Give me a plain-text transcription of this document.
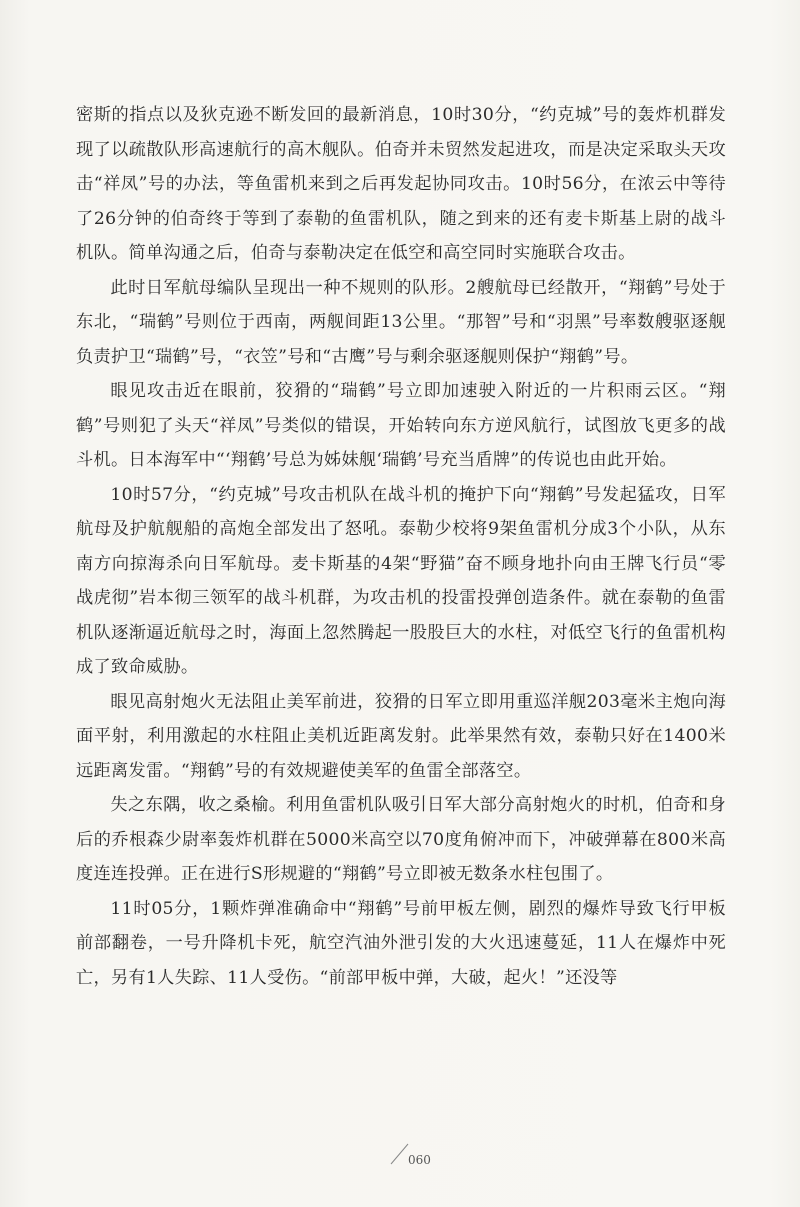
密斯的指点以及狄克逊不断发回的最新消息，10时30分，“约克城”号的轰炸机群发现了以疏散队形高速航行的高木舰队。伯奇并未贸然发起进攻，而是决定采取头天攻击“祥凤”号的办法，等鱼雷机来到之后再发起协同攻击。10时56分，在浓云中等待了26分钟的伯奇终于等到了泰勒的鱼雷机队，随之到来的还有麦卡斯基上尉的战斗机队。简单沟通之后，伯奇与泰勒决定在低空和高空同时实施联合攻击。

此时日军航母编队呈现出一种不规则的队形。2艘航母已经散开，“翔鹤”号处于东北，“瑞鹤”号则位于西南，两舰间距13公里。“那智”号和“羽黑”号率数艘驱逐舰负责护卫“瑞鹤”号，“衣笠”号和“古鹰”号与剩余驱逐舰则保护“翔鹤”号。

眼见攻击近在眼前，狡猾的“瑞鹤”号立即加速驶入附近的一片积雨云区。“翔鹤”号则犯了头天“祥凤”号类似的错误，开始转向东方逆风航行，试图放飞更多的战斗机。日本海军中“‘翔鹤’号总为姊妹舰‘瑞鹤’号充当盾牌”的传说也由此开始。

10时57分，“约克城”号攻击机队在战斗机的掩护下向“翔鹤”号发起猛攻，日军航母及护航舰船的高炮全部发出了怒吼。泰勒少校将9架鱼雷机分成3个小队，从东南方向掠海杀向日军航母。麦卡斯基的4架“野猫”奋不顾身地扑向由王牌飞行员“零战虎彻”岩本彻三领军的战斗机群，为攻击机的投雷投弹创造条件。就在泰勒的鱼雷机队逐渐逼近航母之时，海面上忽然腾起一股股巨大的水柱，对低空飞行的鱼雷机构成了致命威胁。

眼见高射炮火无法阻止美军前进，狡猾的日军立即用重巡洋舰203毫米主炮向海面平射，利用激起的水柱阻止美机近距离发射。此举果然有效，泰勒只好在1400米远距离发雷。“翔鹤”号的有效规避使美军的鱼雷全部落空。

失之东隅，收之桑榆。利用鱼雷机队吸引日军大部分高射炮火的时机，伯奇和身后的乔根森少尉率轰炸机群在5000米高空以70度角俯冲而下，冲破弹幕在800米高度连连投弹。正在进行S形规避的“翔鹤”号立即被无数条水柱包围了。

11时05分，1颗炸弹准确命中“翔鹤”号前甲板左侧，剧烈的爆炸导致飞行甲板前部翻卷，一号升降机卡死，航空汽油外泄引发的大火迅速蔓延，11人在爆炸中死亡，另有1人失踪、11人受伤。“前部甲板中弹，大破，起火！”还没等

060
